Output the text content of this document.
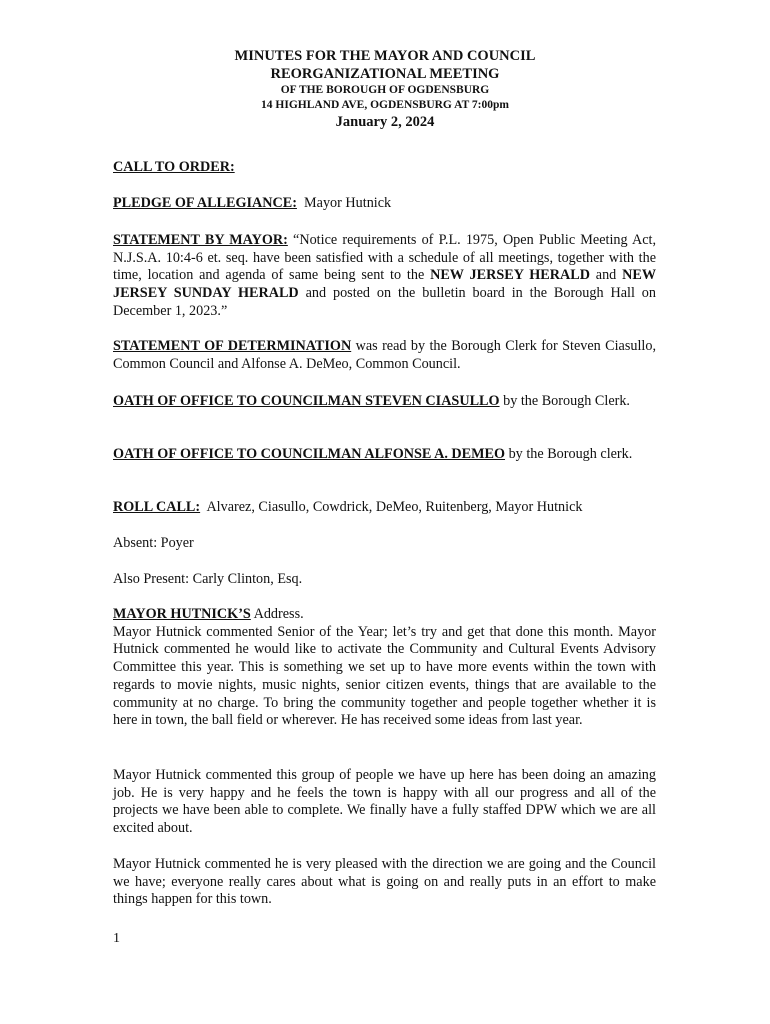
MINUTES FOR THE MAYOR AND COUNCIL
REORGANIZATIONAL MEETING
OF THE BOROUGH OF OGDENSBURG
14 HIGHLAND AVE, OGDENSBURG AT 7:00pm
January 2, 2024

CALL TO ORDER:

PLEDGE OF ALLEGIANCE: Mayor Hutnick

STATEMENT BY MAYOR: “Notice requirements of P.L. 1975, Open Public Meeting Act, N.J.S.A. 10:4-6 et. seq. have been satisfied with a schedule of all meetings, together with the time, location and agenda of same being sent to the NEW JERSEY HERALD and NEW JERSEY SUNDAY HERALD and posted on the bulletin board in the Borough Hall on December 1, 2023.”

STATEMENT OF DETERMINATION was read by the Borough Clerk for Steven Ciasullo, Common Council and Alfonse A. DeMeo, Common Council.

OATH OF OFFICE TO COUNCILMAN STEVEN CIASULLO by the Borough Clerk.

OATH OF OFFICE TO COUNCILMAN ALFONSE A. DEMEO by the Borough clerk.

ROLL CALL: Alvarez, Ciasullo, Cowdrick, DeMeo, Ruitenberg, Mayor Hutnick

Absent: Poyer

Also Present: Carly Clinton, Esq.

MAYOR HUTNICK’S Address.
Mayor Hutnick commented Senior of the Year; let’s try and get that done this month. Mayor Hutnick commented he would like to activate the Community and Cultural Events Advisory Committee this year. This is something we set up to have more events within the town with regards to movie nights, music nights, senior citizen events, things that are available to the community at no charge. To bring the community together and people together whether it is here in town, the ball field or wherever. He has received some ideas from last year.

Mayor Hutnick commented this group of people we have up here has been doing an amazing job. He is very happy and he feels the town is happy with all our progress and all of the projects we have been able to complete. We finally have a fully staffed DPW which we are all excited about.

Mayor Hutnick commented he is very pleased with the direction we are going and the Council we have; everyone really cares about what is going on and really puts in an effort to make things happen for this town.

1
